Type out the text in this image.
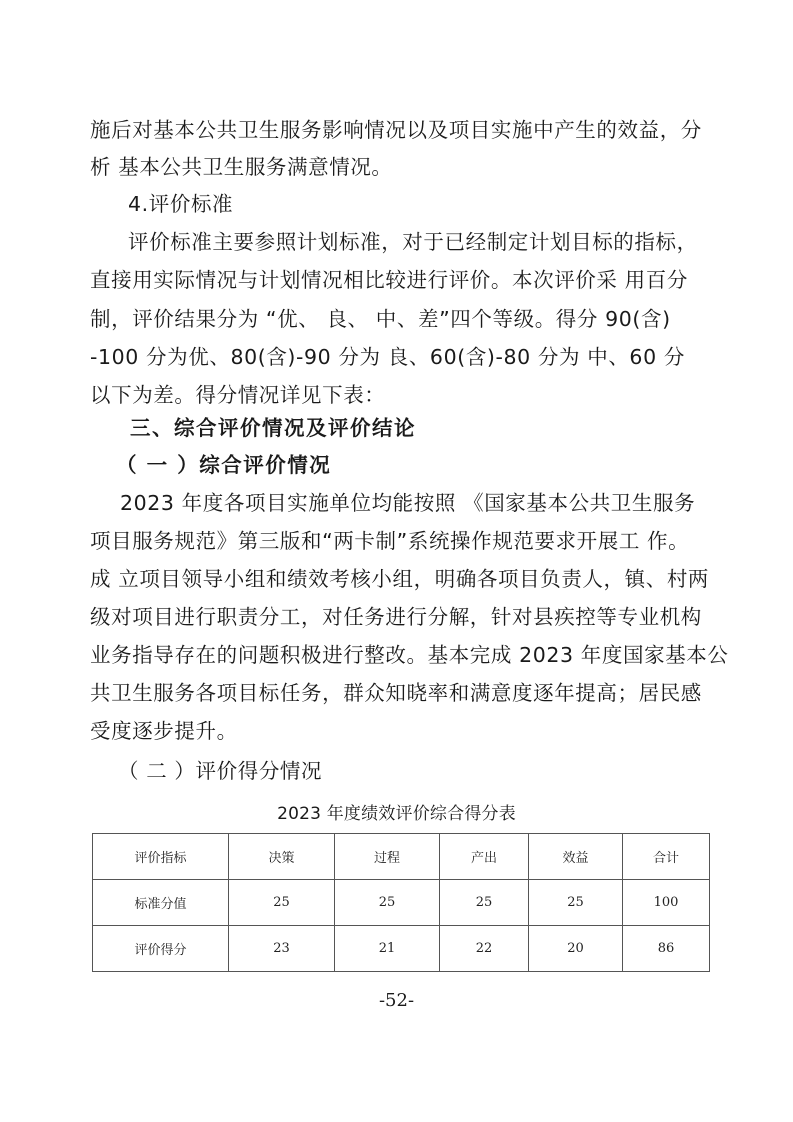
施后对基本公共卫生服务影响情况以及项目实施中产生的效益，分
析 基本公共卫生服务满意情况。
4.评价标准
评价标准主要参照计划标准，对于已经制定计划目标的指标，
直接用实际情况与计划情况相比较进行评价。本次评价采 用百分
制，评价结果分为 “优、 良、 中、差”四个等级。得分 90(含)
-100 分为优、80(含)-90 分为 良、60(含)-80 分为 中、60 分
以下为差。得分情况详见下表：
三、综合评价情况及评价结论
（ 一 ）综合评价情况
2023 年度各项目实施单位均能按照 《国家基本公共卫生服务
项目服务规范》第三版和“两卡制”系统操作规范要求开展工 作。
成 立项目领导小组和绩效考核小组，明确各项目负责人，镇、村两
级对项目进行职责分工，对任务进行分解，针对县疾控等专业机构
业务指导存在的问题积极进行整改。基本完成 2023 年度国家基本公
共卫生服务各项目标任务，群众知晓率和满意度逐年提高；居民感
受度逐步提升。
（ 二 ）评价得分情况
2023 年度绩效评价综合得分表
评价指标	决策	过程	产出	效益	合计
标准分值	25	25	25	25	100
评价得分	23	21	22	20	86
-52-
